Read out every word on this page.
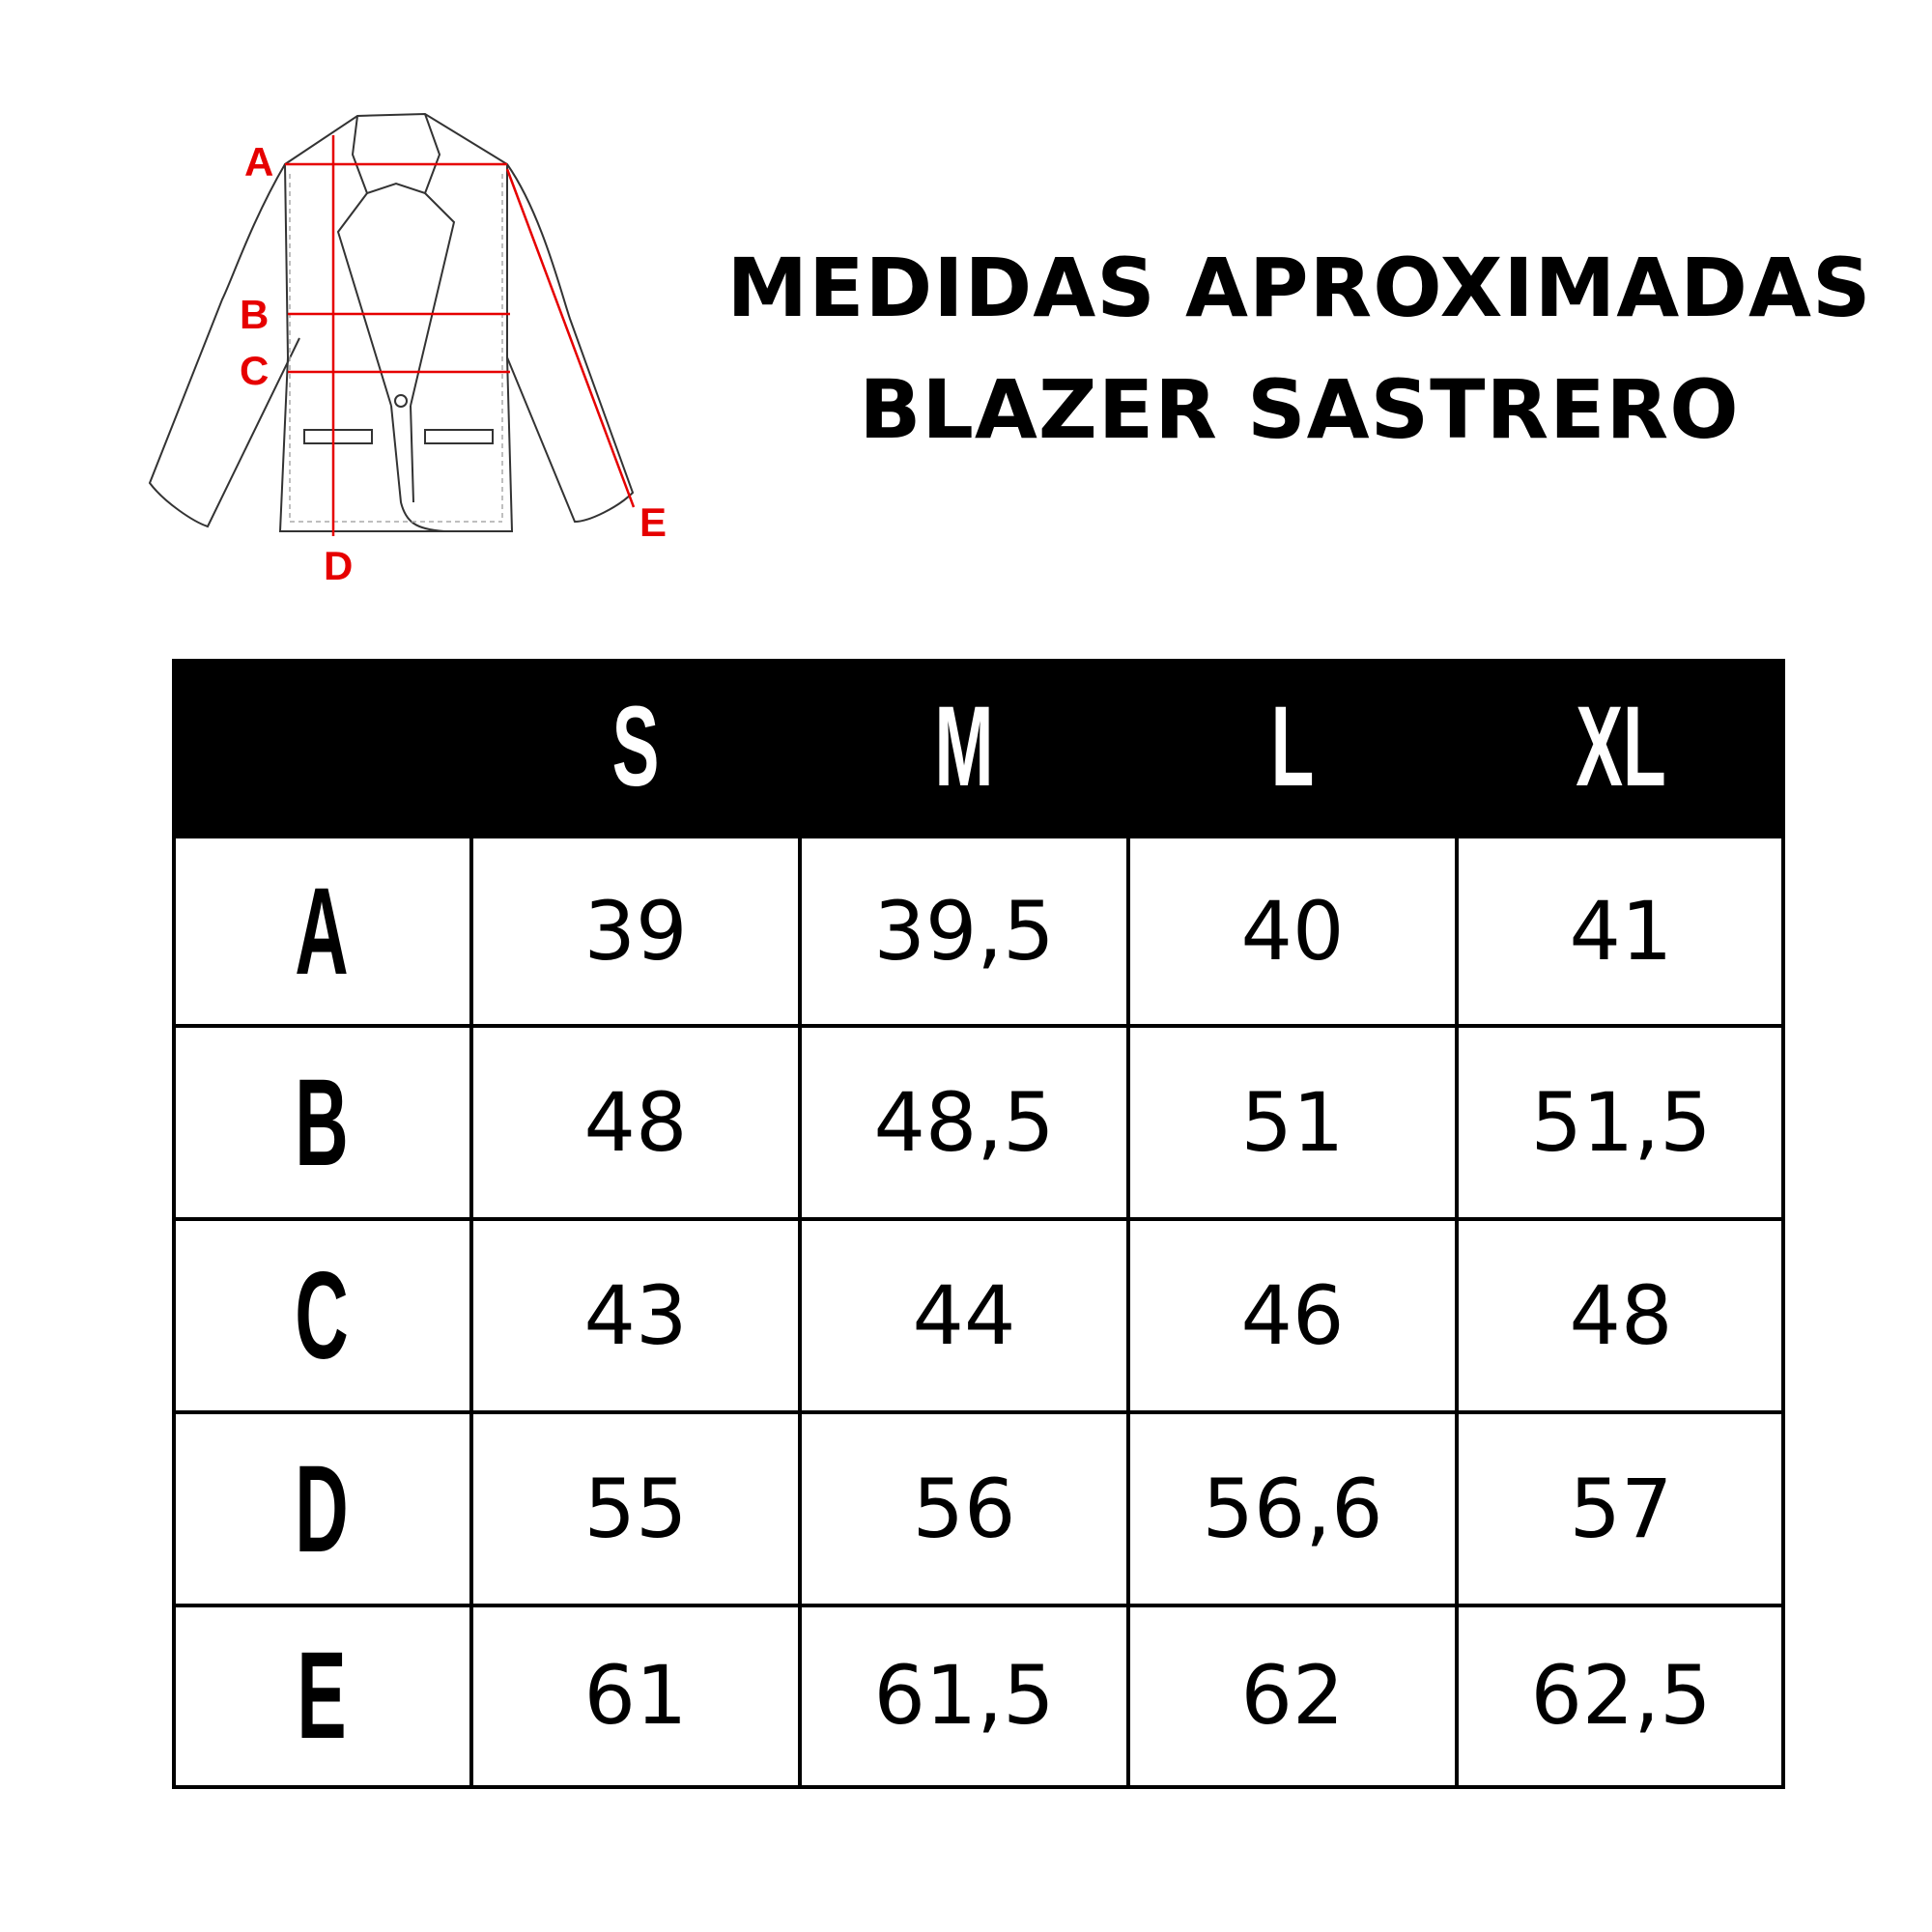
A
B
C
D
E
MEDIDAS APROXIMADAS
BLAZER SASTRERO
S	M	L	XL
A	39	39,5	40	41
B	48	48,5	51	51,5
C	43	44	46	48
D	55	56	56,6	57
E	61	61,5	62	62,5
